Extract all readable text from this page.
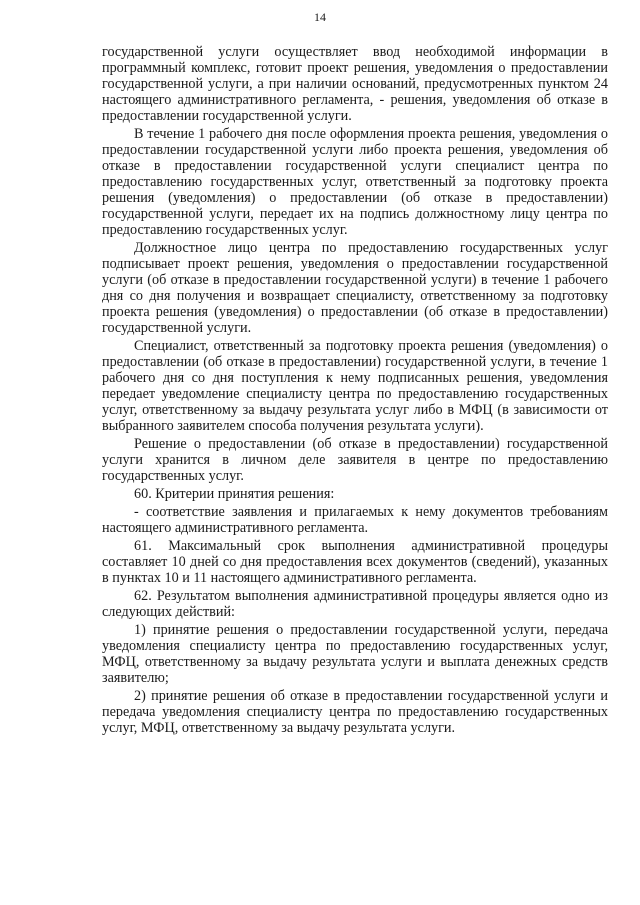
14

государственной услуги осуществляет ввод необходимой информации в программный комплекс, готовит проект решения, уведомления о предоставлении государственной услуги, а при наличии оснований, предусмотренных пунктом 24 настоящего административного регламента, - решения, уведомления об отказе в предоставлении государственной услуги.

В течение 1 рабочего дня после оформления проекта решения, уведомления о предоставлении государственной услуги либо проекта решения, уведомления об отказе в предоставлении государственной услуги специалист центра по предоставлению государственных услуг, ответственный за подготовку проекта решения (уведомления) о предоставлении (об отказе в предоставлении) государственной услуги, передает их на подпись должностному лицу центра по предоставлению государственных услуг.

Должностное лицо центра по предоставлению государственных услуг подписывает проект решения, уведомления о предоставлении государственной услуги (об отказе в предоставлении государственной услуги) в течение 1 рабочего дня со дня получения и возвращает специалисту, ответственному за подготовку проекта решения (уведомления) о предоставлении (об отказе в предоставлении) государственной услуги.

Специалист, ответственный за подготовку проекта решения (уведомления) о предоставлении (об отказе в предоставлении) государственной услуги, в течение 1 рабочего дня со дня поступления к нему подписанных решения, уведомления передает уведомление специалисту центра по предоставлению государственных услуг, ответственному за выдачу результата услуг либо в МФЦ (в зависимости от выбранного заявителем способа получения результата услуги).

Решение о предоставлении (об отказе в предоставлении) государственной услуги хранится в личном деле заявителя в центре по предоставлению государственных услуг.

60. Критерии принятия решения:

- соответствие заявления и прилагаемых к нему документов требованиям настоящего административного регламента.

61. Максимальный срок выполнения административной процедуры составляет 10 дней со дня предоставления всех документов (сведений), указанных в пунктах 10 и 11 настоящего административного регламента.

62. Результатом выполнения административной процедуры является одно из следующих действий:

1) принятие решения о предоставлении государственной услуги, передача уведомления специалисту центра по предоставлению государственных услуг, МФЦ, ответственному за выдачу результата услуги и выплата денежных средств заявителю;

2) принятие решения об отказе в предоставлении государственной услуги и передача уведомления специалисту центра по предоставлению государственных услуг, МФЦ, ответственному за выдачу результата услуги.
